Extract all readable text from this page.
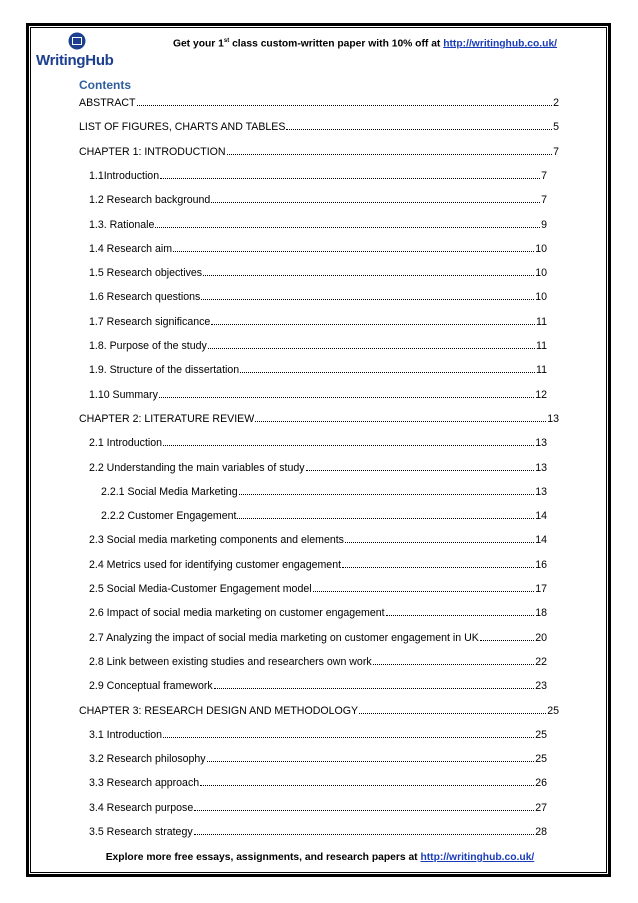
WritingHub
Get your 1st class custom-written paper with 10% off at http://writinghub.co.uk/
Contents
ABSTRACT	2
LIST OF FIGURES, CHARTS AND TABLES	5
CHAPTER 1: INTRODUCTION	7
1.1Introduction	7
1.2 Research background	7
1.3. Rationale	9
1.4 Research aim	10
1.5 Research objectives	10
1.6 Research questions	10
1.7 Research significance	11
1.8. Purpose of the study	11
1.9. Structure of the dissertation	11
1.10 Summary	12
CHAPTER 2: LITERATURE REVIEW	13
2.1 Introduction	13
2.2 Understanding the main variables of study	13
2.2.1 Social Media Marketing	13
2.2.2 Customer Engagement	14
2.3 Social media marketing components and elements	14
2.4 Metrics used for identifying customer engagement	16
2.5 Social Media-Customer Engagement model	17
2.6 Impact of social media marketing on customer engagement	18
2.7 Analyzing the impact of social media marketing on customer engagement in UK	20
2.8 Link between existing studies and researchers own work	22
2.9 Conceptual framework	23
CHAPTER 3: RESEARCH DESIGN AND METHODOLOGY	25
3.1 Introduction	25
3.2 Research philosophy	25
3.3 Research approach	26
3.4 Research purpose	27
3.5 Research strategy	28
Explore more free essays, assignments, and research papers at http://writinghub.co.uk/
